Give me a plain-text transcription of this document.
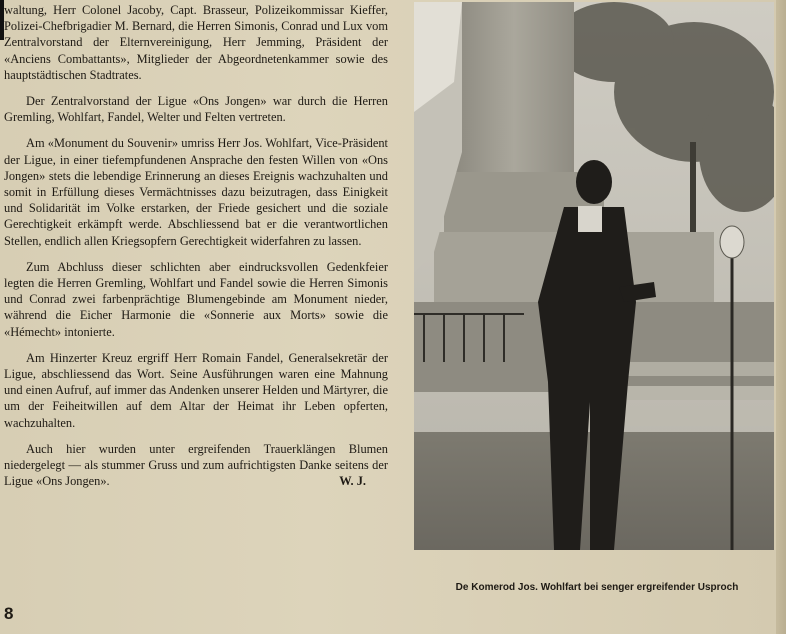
waltung, Herr Colonel Jacoby, Capt. Brasseur, Polizeikommissar Kieffer, Polizei-Chefbrigadier M. Bernard, die Herren Simonis, Conrad und Lux vom Zentralvorstand der Elternvereinigung, Herr Jemming, Präsident der «Anciens Combattants», Mitglieder der Abgeordnetenkammer sowie des hauptstädtischen Stadtrates.

Der Zentralvorstand der Ligue «Ons Jongen» war durch die Herren Gremling, Wohlfart, Fandel, Welter und Felten vertreten.

Am «Monument du Souvenir» umriss Herr Jos. Wohlfart, Vice-Präsident der Ligue, in einer tiefempfundenen Ansprache den festen Willen von «Ons Jongen» stets die lebendige Erinnerung an dieses Ereignis wachzuhalten und somit in Erfüllung dieses Vermächtnisses dazu beizutragen, dass Einigkeit und Solidarität im Volke erstarken, der Friede gesichert und die soziale Gerechtigkeit erkämpft werde. Abschliessend bat er die verantwortlichen Stellen, endlich allen Kriegsopfern Gerechtigkeit widerfahren zu lassen.

Zum Abchluss dieser schlichten aber eindrucksvollen Gedenkfeier legten die Herren Gremling, Wohlfart und Fandel sowie die Herren Simonis und Conrad zwei farbenprächtige Blumengebinde am Monument nieder, während die Eicher Harmonie die «Sonnerie aux Morts» sowie die «Hémecht» intonierte.

Am Hinzerter Kreuz ergriff Herr Romain Fandel, Generalsekretär der Ligue, abschliessend das Wort. Seine Ausführungen waren eine Mahnung und einen Aufruf, auf immer das Andenken unserer Helden und Märtyrer, die um der Feiheitwillen auf dem Altar der Heimat ihr Leben opferten, wachzuhalten.

Auch hier wurden unter ergreifenden Trauerklängen Blumen niedergelegt — als stummer Gruss und zum aufrichtigsten Danke seitens der Ligue «Ons Jongen».	W. J.

8
De Komerod Jos. Wohlfart bei senger ergreifender Usproch
